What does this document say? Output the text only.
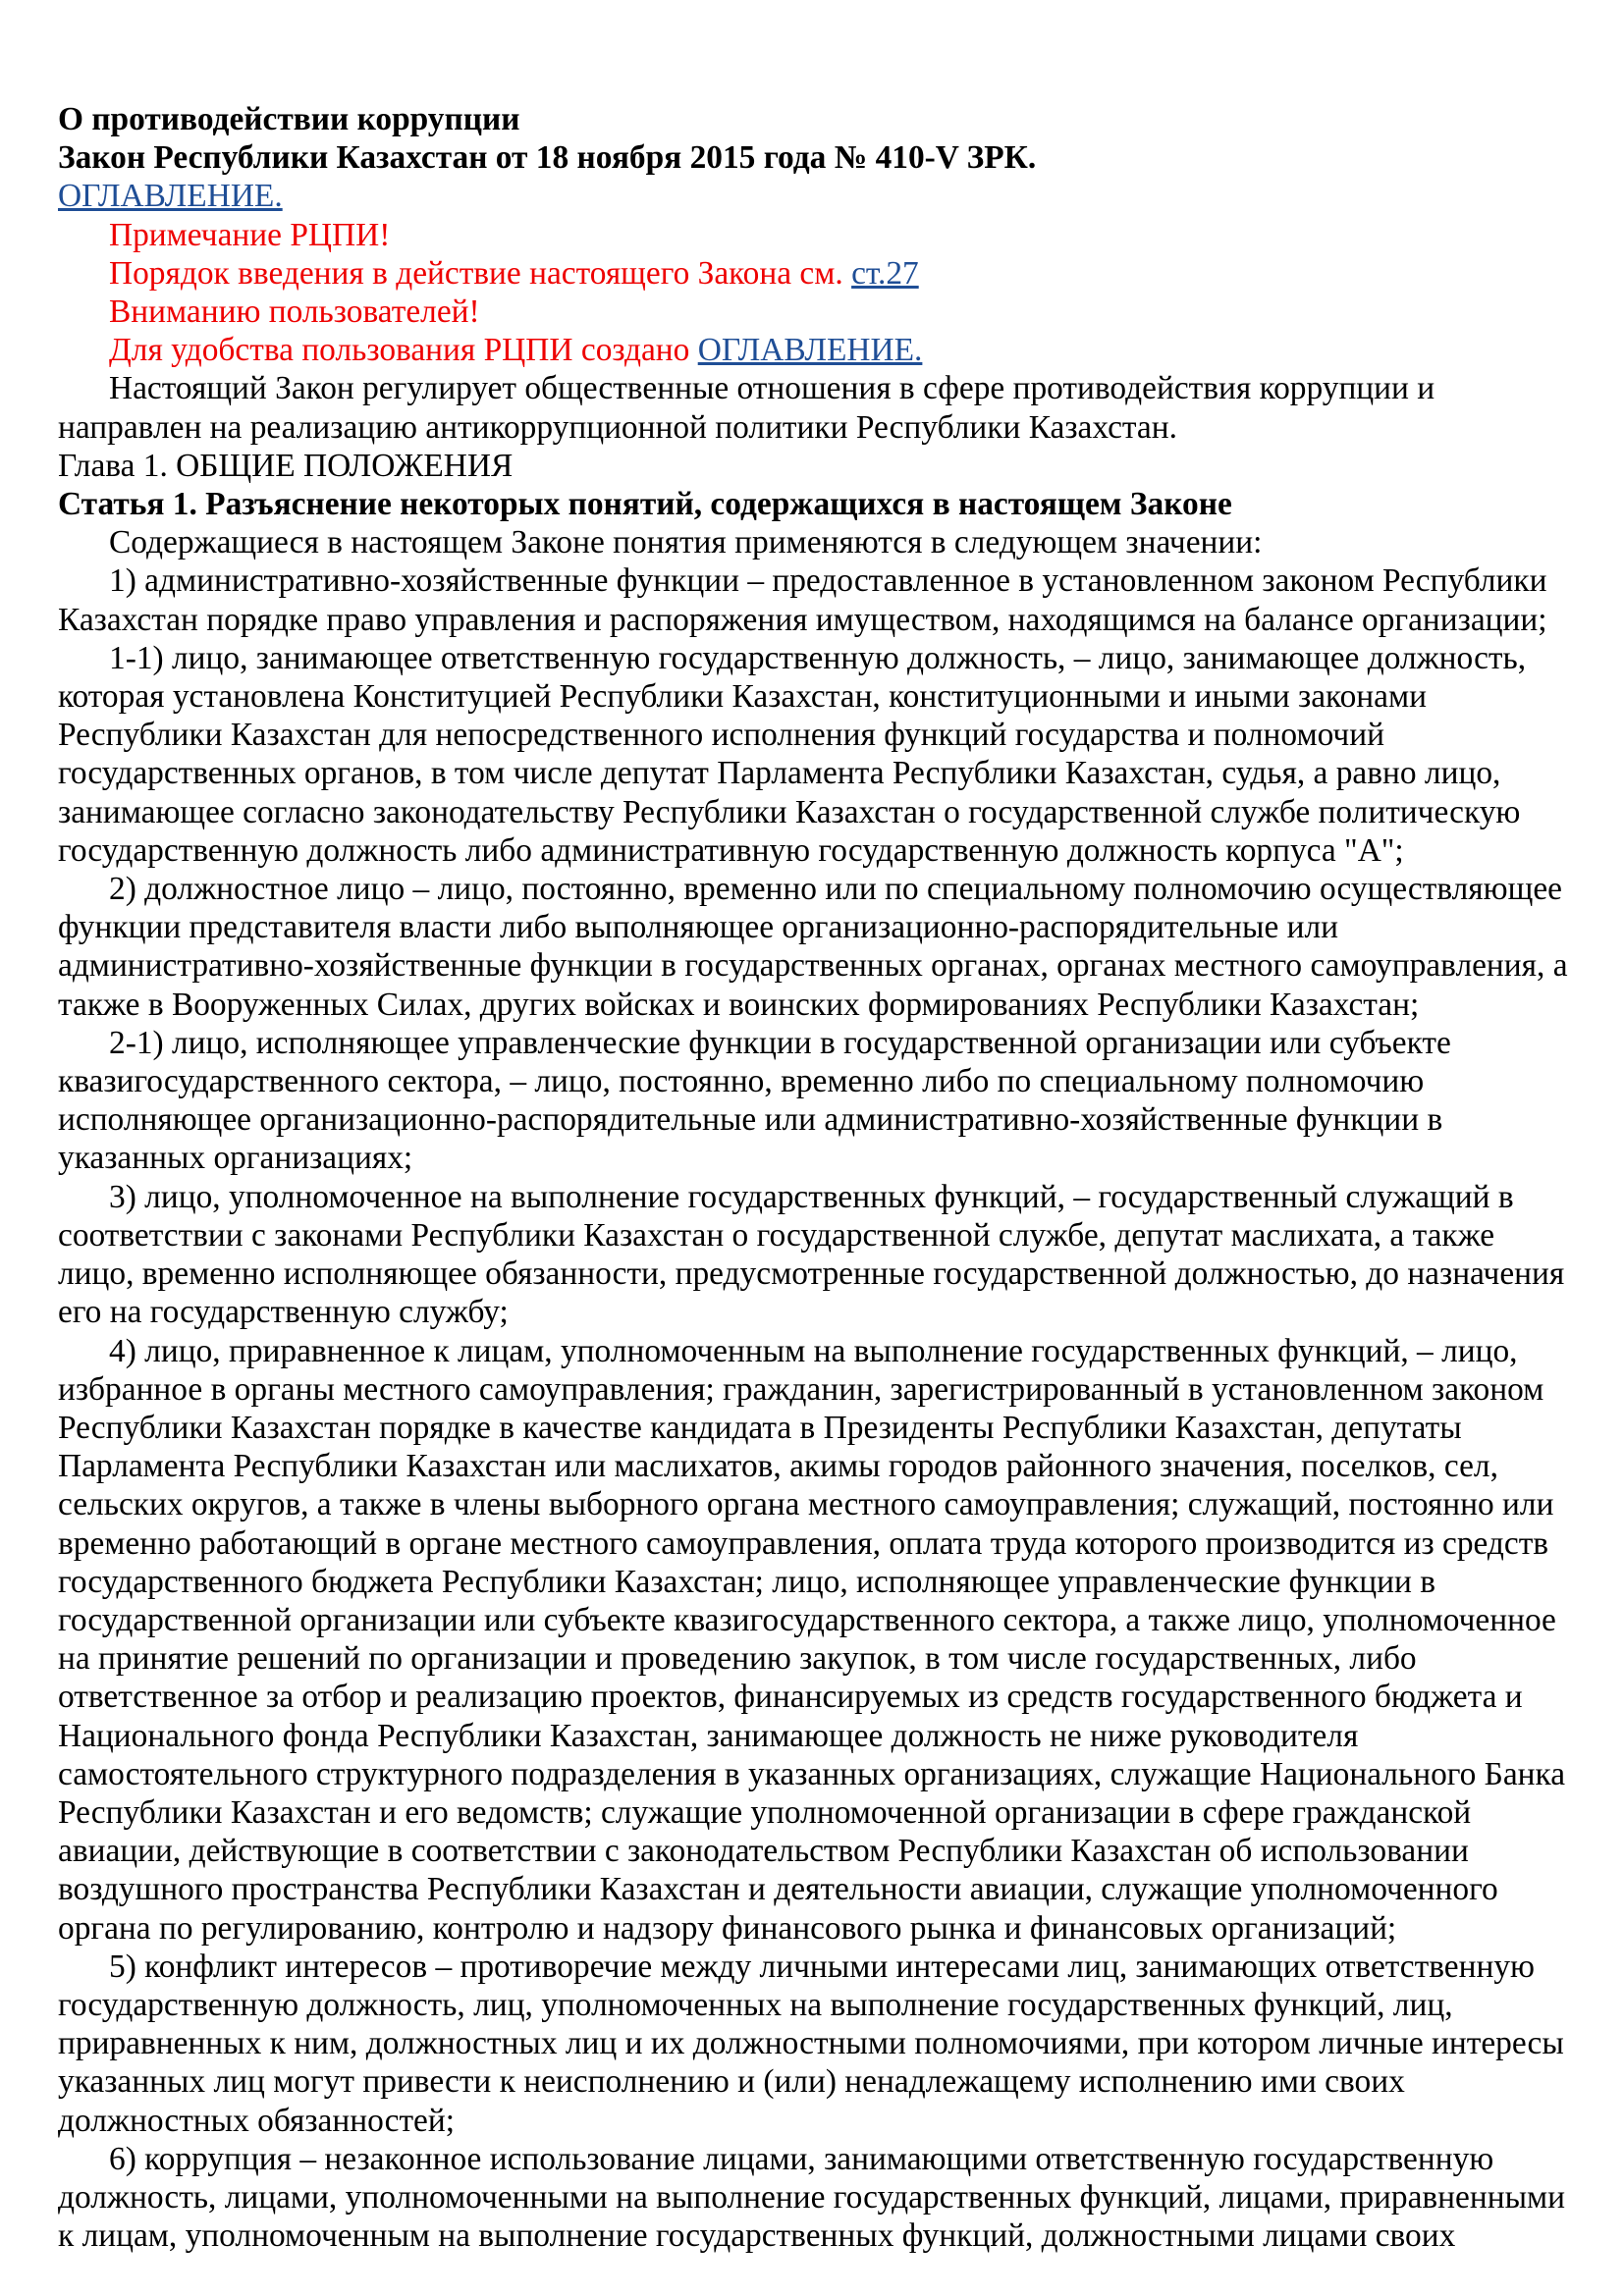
О противодействии коррупции

Закон Республики Казахстан от 18 ноября 2015 года № 410-V ЗРК.

ОГЛАВЛЕНИЕ.

Примечание РЦПИ!

Порядок введения в действие настоящего Закона см. ст.27

Вниманию пользователей!

Для удобства пользования РЦПИ создано ОГЛАВЛЕНИЕ.

Настоящий Закон регулирует общественные отношения в сфере противодействия коррупции и направлен на реализацию антикоррупционной политики Республики Казахстан.

Глава 1. ОБЩИЕ ПОЛОЖЕНИЯ

Статья 1. Разъяснение некоторых понятий, содержащихся в настоящем Законе

Содержащиеся в настоящем Законе понятия применяются в следующем значении:

1) административно-хозяйственные функции – предоставленное в установленном законом Республики Казахстан порядке право управления и распоряжения имуществом, находящимся на балансе организации;

1-1) лицо, занимающее ответственную государственную должность, – лицо, занимающее должность, которая установлена Конституцией Республики Казахстан, конституционными и иными законами Республики Казахстан для непосредственного исполнения функций государства и полномочий государственных органов, в том числе депутат Парламента Республики Казахстан, судья, а равно лицо, занимающее согласно законодательству Республики Казахстан о государственной службе политическую государственную должность либо административную государственную должность корпуса "А";

2) должностное лицо – лицо, постоянно, временно или по специальному полномочию осуществляющее функции представителя власти либо выполняющее организационно-распорядительные или административно-хозяйственные функции в государственных органах, органах местного самоуправления, а также в Вооруженных Силах, других войсках и воинских формированиях Республики Казахстан;

2-1) лицо, исполняющее управленческие функции в государственной организации или субъекте квазигосударственного сектора, – лицо, постоянно, временно либо по специальному полномочию исполняющее организационно-распорядительные или административно-хозяйственные функции в указанных организациях;

3) лицо, уполномоченное на выполнение государственных функций, – государственный служащий в соответствии с законами Республики Казахстан о государственной службе, депутат маслихата, а также лицо, временно исполняющее обязанности, предусмотренные государственной должностью, до назначения его на государственную службу;

4) лицо, приравненное к лицам, уполномоченным на выполнение государственных функций, – лицо, избранное в органы местного самоуправления; гражданин, зарегистрированный в установленном законом Республики Казахстан порядке в качестве кандидата в Президенты Республики Казахстан, депутаты Парламента Республики Казахстан или маслихатов, акимы городов районного значения, поселков, сел, сельских округов, а также в члены выборного органа местного самоуправления; служащий, постоянно или временно работающий в органе местного самоуправления, оплата труда которого производится из средств государственного бюджета Республики Казахстан; лицо, исполняющее управленческие функции в государственной организации или субъекте квазигосударственного сектора, а также лицо, уполномоченное на принятие решений по организации и проведению закупок, в том числе государственных, либо ответственное за отбор и реализацию проектов, финансируемых из средств государственного бюджета и Национального фонда Республики Казахстан, занимающее должность не ниже руководителя самостоятельного структурного подразделения в указанных организациях, служащие Национального Банка Республики Казахстан и его ведомств; служащие уполномоченной организации в сфере гражданской авиации, действующие в соответствии с законодательством Республики Казахстан об использовании воздушного пространства Республики Казахстан и деятельности авиации, служащие уполномоченного органа по регулированию, контролю и надзору финансового рынка и финансовых организаций;

5) конфликт интересов – противоречие между личными интересами лиц, занимающих ответственную государственную должность, лиц, уполномоченных на выполнение государственных функций, лиц, приравненных к ним, должностных лиц и их должностными полномочиями, при котором личные интересы указанных лиц могут привести к неисполнению и (или) ненадлежащему исполнению ими своих должностных обязанностей;

6) коррупция – незаконное использование лицами, занимающими ответственную государственную должность, лицами, уполномоченными на выполнение государственных функций, лицами, приравненными к лицам, уполномоченным на выполнение государственных функций, должностными лицами своих
